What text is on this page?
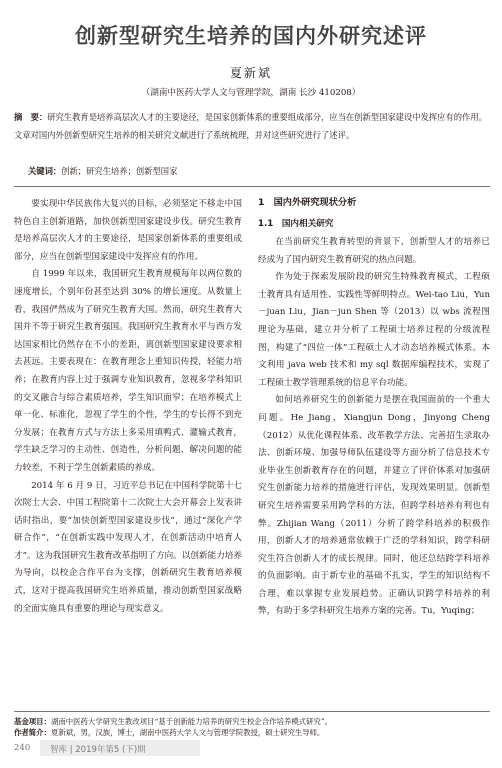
创新型研究生培养的国内外研究述评
夏新斌
（湖南中医药大学人文与管理学院，湖南 长沙 410208）
摘　要：研究生教育是培养高层次人才的主要途径，是国家创新体系的重要组成部分，应当在创新型国家建设中发挥应有的作用。文章对国内外创新型研究生培养的相关研究文献进行了系统梳理，并对这些研究进行了述评。
关键词：创新；研究生培养；创新型国家

要实现中华民族伟大复兴的目标，必须坚定不移走中国特色自主创新道路，加快创新型国家建设步伐。研究生教育是培养高层次人才的主要途径，是国家创新体系的重要组成部分，应当在创新型国家建设中发挥应有的作用。

自 1999 年以来，我国研究生教育规模每年以两位数的速度增长，个别年份甚至达到 30% 的增长速度。从数量上看，我国俨然成为了研究生教育大国。然而，研究生教育大国并不等于研究生教育强国。我国研究生教育水平与西方发达国家相比仍然存在不小的差距，离创新型国家建设要求相去甚远。主要表现在：在教育理念上重知识传授，轻能力培养；在教育内容上过于强调专业知识教育，忽视多学科知识的交叉融合与综合素质培养，学生知识面窄；在培养模式上单一化、标准化，忽视了学生的个性，学生的专长得不到充分发展；在教育方式与方法上多采用填鸭式、灌输式教育，学生缺乏学习的主动性、创造性，分析问题、解决问题的能力较差，不利于学生创新素质的养成。

2014 年 6 月 9 日，习近平总书记在中国科学院第十七次院士大会、中国工程院第十二次院士大会开幕会上发表讲话时指出，要“加快创新型国家建设步伐”，通过“深化产学研合作”，“在创新实践中发现人才，在创新活动中培育人才”。这为我国研究生教育改革指明了方向。以创新能力培养为导向，以校企合作平台为支撑，创新研究生教育培养模式，这对于提高我国研究生培养质量，推动创新型国家战略的全面实施具有重要的理论与现实意义。

1　国内外研究现状分析
1.1　国内相关研究

在当前研究生教育转型的背景下，创新型人才的培养已经成为了国内研究生教育研究的热点问题。

作为处于探索发展阶段的研究生特殊教育模式，工程硕士教育具有适用性、实践性等鲜明特点。Wei-tao Liu，Yun－juan Liu，Jian－jun Shen 等（2013）以 wbs 流程图理论为基础，建立并分析了工程硕士培养过程的分级流程图，构建了“四位一体”工程硕士人才动态培养模式体系。本文利用 java web 技术和 my sql 数据库编程技术，实现了工程硕士教学管理系统的信息平台功能。

如何培养研究生的创新能力是摆在我国面前的一个重大问题。He Jiang，Xiangjun Dong，Jinyong Cheng（2012）从优化课程体系、改革教学方法、完善招生录取办法、创新环境、加强导师队伍建设等方面分析了信息技术专业毕业生创新教育存在的问题，并建立了评价体系对加强研究生创新能力培养的措施进行评估，发现效果明显。创新型研究生培养需要采用跨学科的方法，但跨学科培养有利也有弊。Zhijian Wang（2011）分析了跨学科培养的积极作用，创新人才的培养通常依赖于广泛的学科知识，跨学科研究生符合创新人才的成长规律。同时，他还总结跨学科培养的负面影响。由于新专业的基础不扎实，学生的知识结构不合理，难以掌握专业发展趋势。正确认识跨学科培养的利弊，有助于多学科研究生培养方案的完善。Tu，Yuqing；

基金项目：湖南中医药大学研究生教改项目“基于创新能力培养的研究生校企合作培养模式研究”。
作者简介：夏新斌，男，汉族，博士，湖南中医药大学人文与管理学院教授，硕士研究生导师。
240 智库 | 2019年第5 (下)期
